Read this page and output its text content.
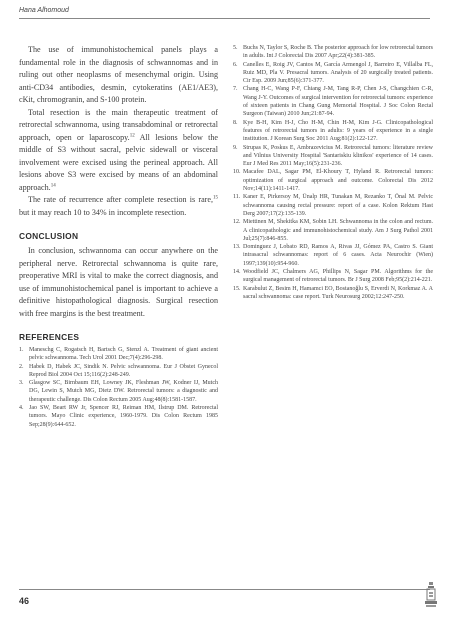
Hana Alhomoud

The use of immunohistochemical panels plays a fundamental role in the diagnosis of schwannomas and in ruling out other neoplasms of mesenchymal origin. Using anti-CD34 antibodies, desmin, cytokeratins (AE1/AE3), cKit, chromogranin, and S-100 protein.

Total resection is the main therapeutic treatment of retrorectal schwannoma, using transabdominal or retrorectal approach, open or laparoscopy.$^{12}$ All lesions below the middle of S3 without sacral, pelvic sidewall or visceral involvement were excised using the perineal approach. All lesions above S3 were excised by means of an abdominal approach.$^{14}$

The rate of recurrence after complete resection is rare,$^{15}$ but it may reach 10 to 34% in incomplete resection.

CONCLUSION

In conclusion, schwannoma can occur anywhere on the peripheral nerve. Retrorectal schwannoma is quite rare, preoperative MRI is vital to make the correct diagnosis, and use of immunohistochemical panel is important to achieve a definitive histopathological diagnosis. Surgical resection with free margins is the best treatment.

REFERENCES
1. Maneschg C, Rogatsch H, Bartsch G, Stenzl A. Treatment of giant ancient pelvic schwannoma. Tech Urol 2001 Dec;7(4):296-298.
2. Habek D, Habek JC, Sindik N. Pelvic schwannoma. Eur J Obstet Gynecol Reprod Biol 2004 Oct 15;116(2):248-249.
3. Glasgow SC, Birnbaum EH, Lowney JK, Fleshman JW, Kodner IJ, Mutch DG, Lewin S, Mutch MG, Dietz DW. Retrorectal tumors: a diagnostic and therapeutic challenge. Dis Colon Rectum 2005 Aug;48(8):1581-1587.
4. Jao SW, Beart RW Jr, Spencer RJ, Reiman HM, Ilstrup DM. Retrorectal tumors. Mayo Clinic experience, 1960-1979. Dis Colon Rectum 1985 Sep;28(9):644-652.
5. Buchs N, Taylor S, Roche B. The posterior approach for low retrorectal tumors in adults. Int J Colorectal Dis 2007 Apr;22(4):381-385.
6. Canelles E, Roig JV, Cantos M, García Armengol J, Barreiro E, Villalba FL, Ruiz MD, Pla V. Presacral tumors. Analysis of 20 surgically treated patients. Cir Esp. 2009 Jun;85(6):371-377.
7. Chang H-C, Wang P-F, Chiang J-M, Tang R-P, Chen J-S, Changchien C-R, Wang J-Y. Outcomes of surgical intervention for retrorectal tumors: experience of sixteen patients in Chang Gung Memorial Hospital. J Soc Colon Rectal Surgeon (Taiwan) 2010 Jun;21:87-94.
8. Kye B-H, Kim H-J, Cho H-M, Chin H-M, Kim J-G. Clinicopathological features of retrorectal tumors in adults: 9 years of experience in a single institution. J Korean Surg Soc 2011 Aug;81(2):122-127.
9. Strupas K, Poskus E, Ambrazevicius M. Retrorectal tumors: literature review and Vilnius University Hospital 'Santariskiu klinikos' experience of 14 cases. Eur J Med Res 2011 May;16(5):231-236.
10. Macafee DAL, Sagar PM, El-Khoury T, Hyland R. Retrorectal tumors: optimization of surgical approach and outcome. Colorectal Dis 2012 Nov;14(11):1411-1417.
11. Kaner E, Pirkersoy M, Ünalp HR, Tunakan M, Rezanko T, Önal M. Pelvic schwannoma causing rectal pressure: report of a case. Kolon Rektum Hast Derg 2007;17(2):135-139.
12. Miettinen M, Shekitka KM, Sobin LH. Schwannoma in the colon and rectum. A clinicopathologic and immunohistochemical study. Am J Surg Pathol 2001 Jul;25(7):846-855.
13. Dominguez J, Lobato RD, Ramos A, Rivas JJ, Gómez PA, Castro S. Giant intrasacral schwannomas: report of 6 cases. Acta Neurochir (Wien) 1997;139(10):954-960.
14. Woodfield JC, Chalmers AG, Phillips N, Sagar PM. Algorithms for the surgical management of retrorectal tumors. Br J Surg 2008 Feb;95(2):214-221.
15. Karabulut Z, Besim H, Hamamci EO, Bostanoğlu S, Erverdi N, Korkmaz A. A sacral schwannoma: case report. Turk Neurosurg 2002;12:247-250.
46
